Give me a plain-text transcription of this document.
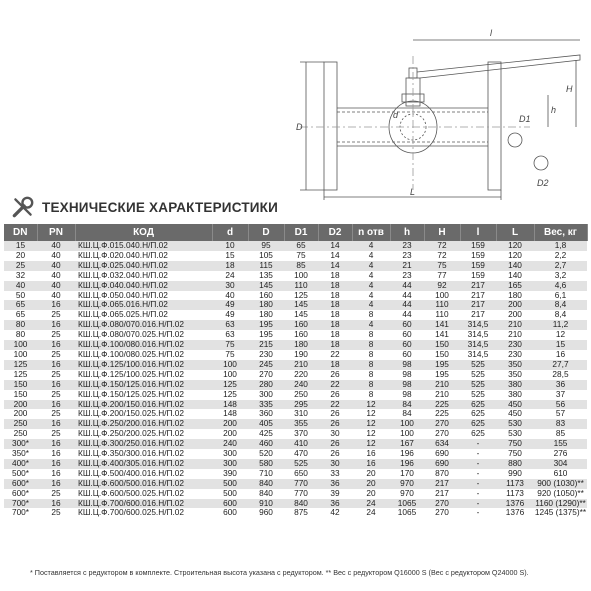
L
D
D1
D2
d	h
H
l
ТЕХНИЧЕСКИЕ ХАРАКТЕРИСТИКИ
DN	PN	КОД	d	D	D1	D2	n отв	h	H	l	L	Вес, кг
15	40	КШ.Ц.Ф.015.040.Н/П.02	10	95	65	14	4	23	72	159	120	1,8
20	40	КШ.Ц.Ф.020.040.Н/П.02	15	105	75	14	4	23	72	159	120	2,2
25	40	КШ.Ц.Ф.025.040.Н/П.02	18	115	85	14	4	21	75	159	140	2,7
32	40	КШ.Ц.Ф.032.040.Н/П.02	24	135	100	18	4	23	77	159	140	3,2
40	40	КШ.Ц.Ф.040.040.Н/П.02	30	145	110	18	4	44	92	217	165	4,6
50	40	КШ.Ц.Ф.050.040.Н/П.02	40	160	125	18	4	44	100	217	180	6,1
65	16	КШ.Ц.Ф.065.016.Н/П.02	49	180	145	18	4	44	110	217	200	8,4
65	25	КШ.Ц.Ф.065.025.Н/П.02	49	180	145	18	8	44	110	217	200	8,4
80	16	КШ.Ц.Ф.080/070.016.Н/П.02	63	195	160	18	4	60	141	314,5	210	11,2
80	25	КШ.Ц.Ф.080/070.025.Н/П.02	63	195	160	18	8	60	141	314,5	210	12
100	16	КШ.Ц.Ф.100/080.016.Н/П.02	75	215	180	18	8	60	150	314,5	230	15
100	25	КШ.Ц.Ф.100/080.025.Н/П.02	75	230	190	22	8	60	150	314,5	230	16
125	16	КШ.Ц.Ф.125/100.016.Н/П.02	100	245	210	18	8	98	195	525	350	27,7
125	25	КШ.Ц.Ф.125/100.025.Н/П.02	100	270	220	26	8	98	195	525	350	28,5
150	16	КШ.Ц.Ф.150/125.016.Н/П.02	125	280	240	22	8	98	210	525	380	36
150	25	КШ.Ц.Ф.150/125.025.Н/П.02	125	300	250	26	8	98	210	525	380	37
200	16	КШ.Ц.Ф.200/150.016.Н/П.02	148	335	295	22	12	84	225	625	450	56
200	25	КШ.Ц.Ф.200/150.025.Н/П.02	148	360	310	26	12	84	225	625	450	57
250	16	КШ.Ц.Ф.250/200.016.Н/П.02	200	405	355	26	12	100	270	625	530	83
250	25	КШ.Ц.Ф.250/200.025.Н/П.02	200	425	370	30	12	100	270	625	530	85
300*	16	КШ.Ц.Ф.300/250.016.Н/П.02	240	460	410	26	12	167	634	-	750	155
350*	16	КШ.Ц.Ф.350/300.016.Н/П.02	300	520	470	26	16	196	690	-	750	276
400*	16	КШ.Ц.Ф.400/305.016.Н/П.02	300	580	525	30	16	196	690	-	880	304
500*	16	КШ.Ц.Ф.500/400.016.Н/П.02	390	710	650	33	20	170	870	-	990	610
600*	16	КШ.Ц.Ф.600/500.016.Н/П.02	500	840	770	36	20	970	217	-	1173	900 (1030)**
600*	25	КШ.Ц.Ф.600/500.025.Н/П.02	500	840	770	39	20	970	217	-	1173	920 (1050)**
700*	16	КШ.Ц.Ф.700/600.016.Н/П.02	600	910	840	36	24	1065	270	-	1376	1160 (1290)**
700*	25	КШ.Ц.Ф.700/600.025.Н/П.02	600	960	875	42	24	1065	270	-	1376	1245 (1375)**
* Поставляется с редуктором в комплекте. Строительная высота указана с редуктором. ** Вес с редуктором Q16000 S (Вес с редуктором Q24000 S).
